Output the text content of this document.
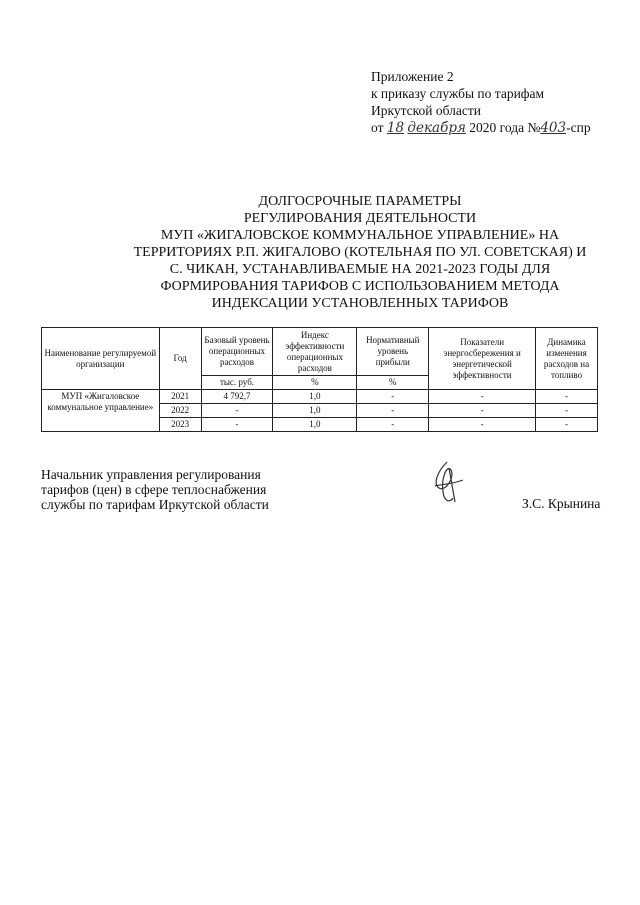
Приложение 2
к приказу службы по тарифам
Иркутской области
от 18 декабря 2020 года №403-спр
ДОЛГОСРОЧНЫЕ ПАРАМЕТРЫ
РЕГУЛИРОВАНИЯ ДЕЯТЕЛЬНОСТИ
МУП «ЖИГАЛОВСКОЕ КОММУНАЛЬНОЕ УПРАВЛЕНИЕ» НА
ТЕРРИТОРИЯХ Р.П. ЖИГАЛОВО (КОТЕЛЬНАЯ ПО УЛ. СОВЕТСКАЯ) И
С. ЧИКАН, УСТАНАВЛИВАЕМЫЕ НА 2021-2023 ГОДЫ ДЛЯ
ФОРМИРОВАНИЯ ТАРИФОВ С ИСПОЛЬЗОВАНИЕМ МЕТОДА
ИНДЕКСАЦИИ УСТАНОВЛЕННЫХ ТАРИФОВ
Наименование регулируемой организации	Год	Базовый уровень операционных расходов	Индекс эффективности операционных расходов	Нормативный уровень прибыли	Показатели энергосбережения и энергетической эффективности	Динамика изменения расходов на топливо
		тыс. руб.	%	%		
МУП «Жигаловское коммунальное управление»	2021	4 792,7	1,0	-	-	-
	2022	-	1,0	-	-	-
	2023	-	1,0	-	-	-
Начальник управления регулирования
тарифов (цен) в сфере теплоснабжения
службы по тарифам Иркутской области	З.С. Крынина
